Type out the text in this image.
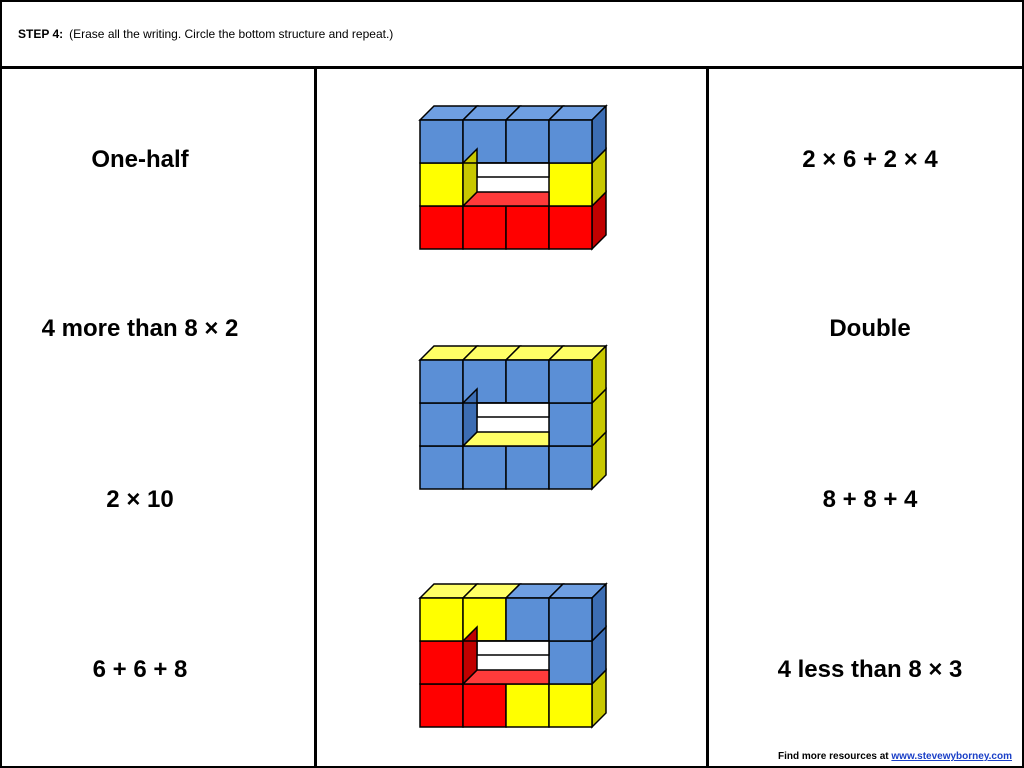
STEP 4: (Erase all the writing. Circle the bottom structure and repeat.)
One-half
4 more than 8 × 2
2 × 10
6 + 6 + 8
2 × 6 + 2 × 4
Double
8 + 8 + 4
4 less than 8 × 3
Find more resources at www.stevewyborney.com
